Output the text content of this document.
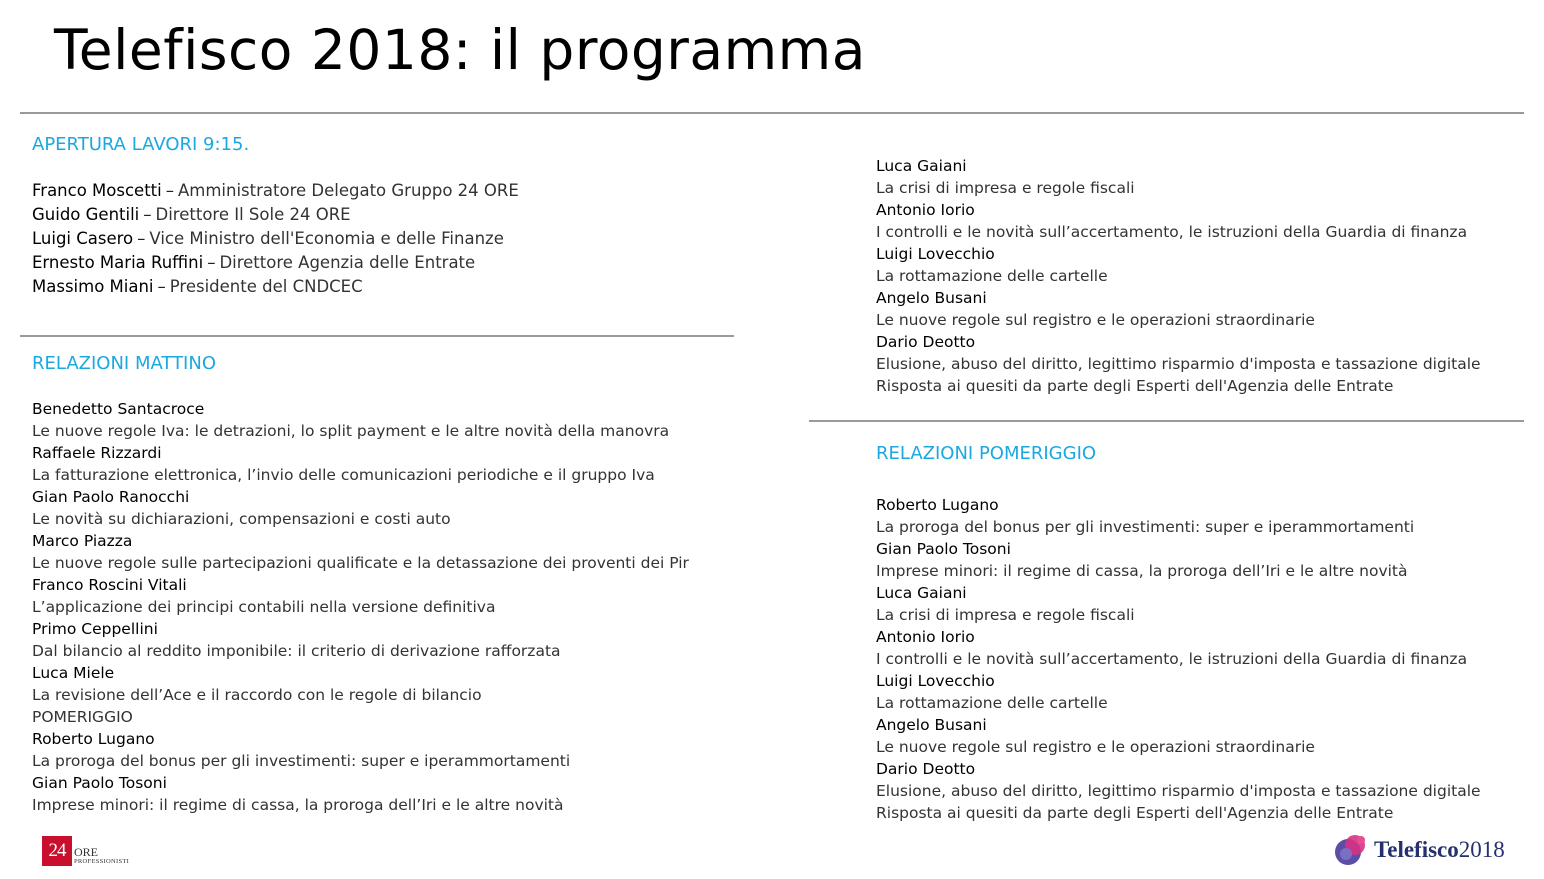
Telefisco 2018: il programma
APERTURA LAVORI 9:15.
Franco Moscetti – Amministratore Delegato Gruppo 24 ORE
Guido Gentili – Direttore Il Sole 24 ORE
Luigi Casero – Vice Ministro dell'Economia e delle Finanze
Ernesto Maria Ruffini – Direttore Agenzia delle Entrate
Massimo Miani – Presidente del CNDCEC
RELAZIONI MATTINO
Benedetto Santacroce
Le nuove regole Iva: le detrazioni, lo split payment e le altre novità della manovra
Raffaele Rizzardi
La fatturazione elettronica, l’invio delle comunicazioni periodiche e il gruppo Iva
Gian Paolo Ranocchi
Le novità su dichiarazioni, compensazioni e costi auto
Marco Piazza
Le nuove regole sulle partecipazioni qualificate e la detassazione dei proventi dei Pir
Franco Roscini Vitali
L’applicazione dei principi contabili nella versione definitiva
Primo Ceppellini
Dal bilancio al reddito imponibile: il criterio di derivazione rafforzata
Luca Miele
La revisione dell’Ace e il raccordo con le regole di bilancio
POMERIGGIO
Roberto Lugano
La proroga del bonus per gli investimenti: super e iperammortamenti
Gian Paolo Tosoni
Imprese minori: il regime di cassa, la proroga dell’Iri e le altre novità
Luca Gaiani
La crisi di impresa e regole fiscali
Antonio Iorio
I controlli e le novità sull’accertamento, le istruzioni della Guardia di finanza
Luigi Lovecchio
La rottamazione delle cartelle
Angelo Busani
Le nuove regole sul registro e le operazioni straordinarie
Dario Deotto
Elusione, abuso del diritto, legittimo risparmio d'imposta e tassazione digitale
Risposta ai quesiti da parte degli Esperti dell'Agenzia delle Entrate
RELAZIONI POMERIGGIO
Roberto Lugano
La proroga del bonus per gli investimenti: super e iperammortamenti
Gian Paolo Tosoni
Imprese minori: il regime di cassa, la proroga dell’Iri e le altre novità
Luca Gaiani
La crisi di impresa e regole fiscali
Antonio Iorio
I controlli e le novità sull’accertamento, le istruzioni della Guardia di finanza
Luigi Lovecchio
La rottamazione delle cartelle
Angelo Busani
Le nuove regole sul registro e le operazioni straordinarie
Dario Deotto
Elusione, abuso del diritto, legittimo risparmio d'imposta e tassazione digitale
Risposta ai quesiti da parte degli Esperti dell'Agenzia delle Entrate
24 ORE
PROFESSIONISTI	Telefisco 2018
